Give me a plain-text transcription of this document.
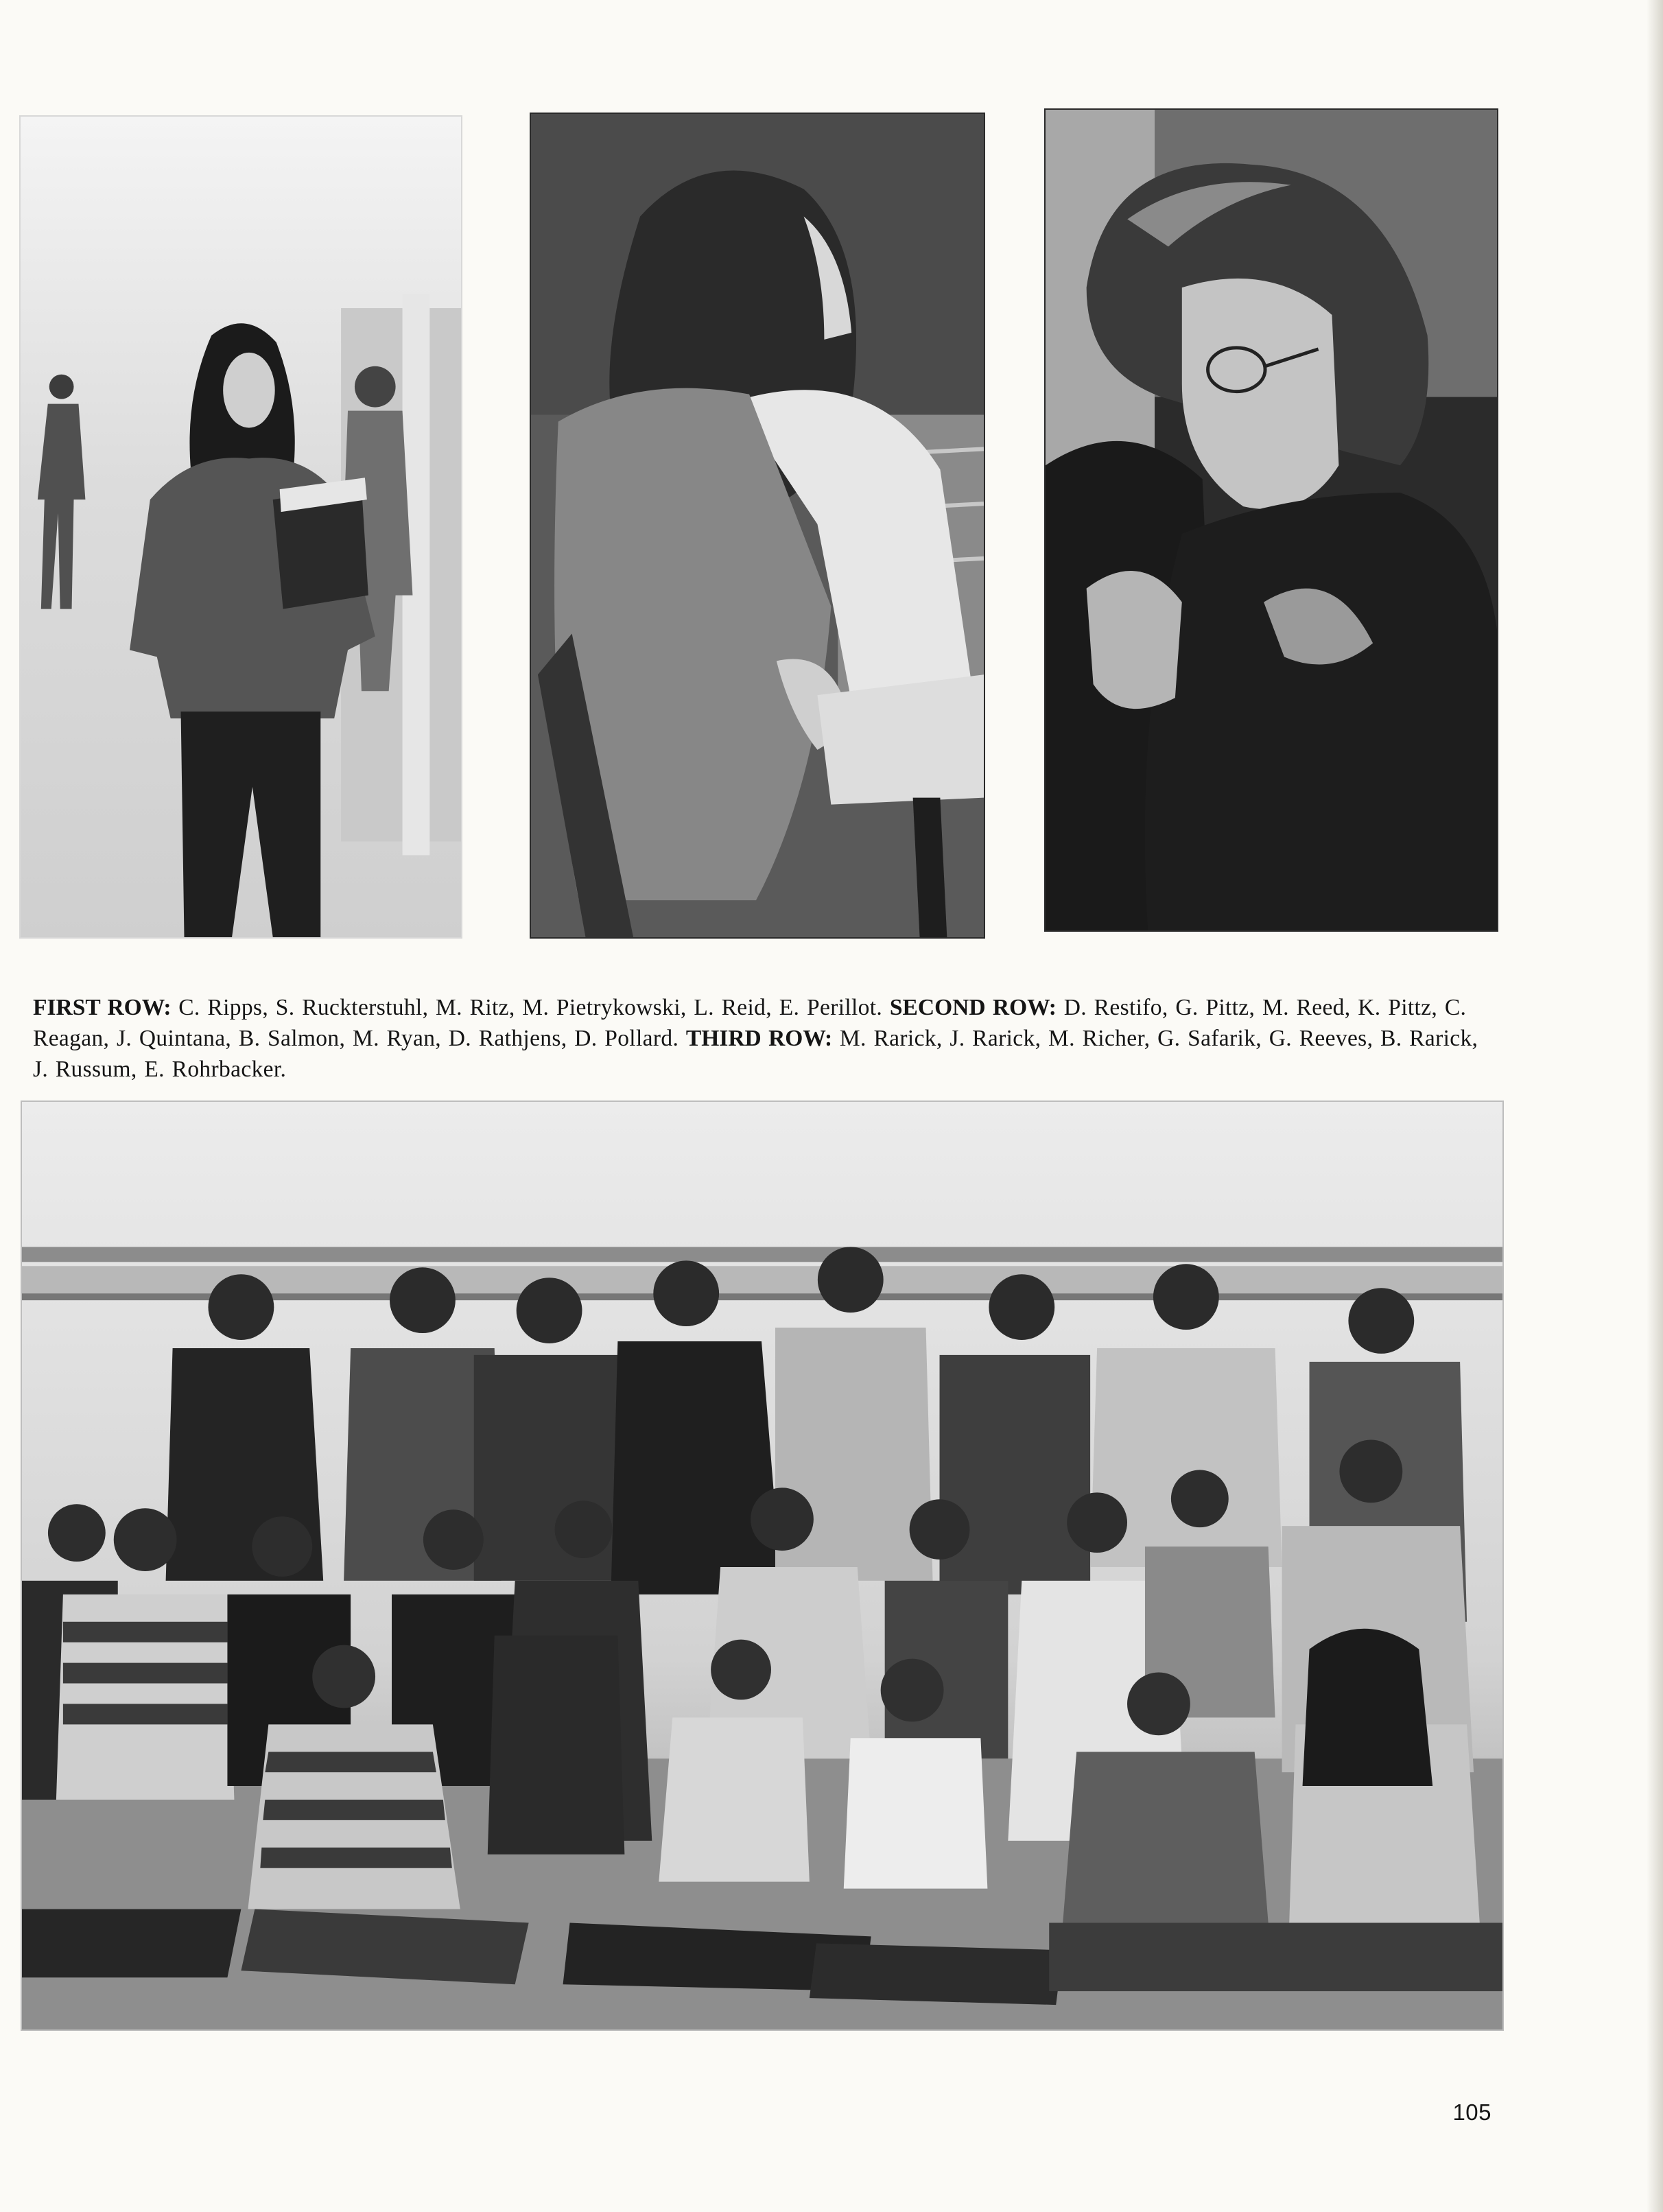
FIRST ROW: C. Ripps, S. Ruckterstuhl, M. Ritz, M. Pietrykowski, L. Reid, E. Perillot. SECOND ROW: D. Restifo, G. Pittz, M. Reed, K. Pittz, C. Reagan, J. Quintana, B. Salmon, M. Ryan, D. Rathjens, D. Pollard. THIRD ROW: M. Rarick, J. Rarick, M. Richer, G. Safarik, G. Reeves, B. Rarick, J. Russum, E. Rohrbacker.
105
